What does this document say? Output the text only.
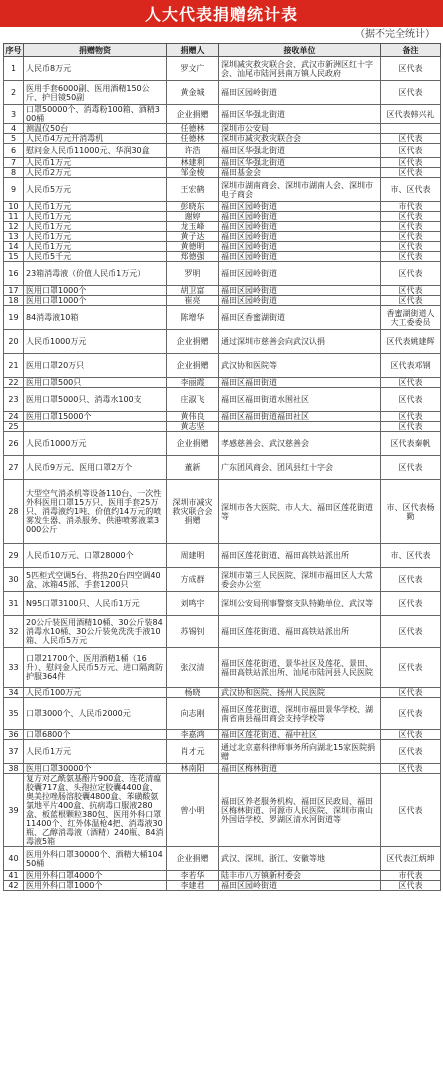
人大代表捐赠统计表
（据不完全统计）
序号	捐赠物资	捐赠人	接收单位	备注
1	人民币8万元	罗文广	深圳减灾救灾联合会、武汉市新洲区红十字会、汕尾市陆河县南万镇人民政府	区代表
2	医用手套6000副、医用酒精150公斤、护目镜50副	黄金城	福田区园岭街道	区代表
3	口罩50000个、消毒粉100箱、酒精300桶	企业捐赠	福田区华强北街道	区代表韩兴礼
4	测温仪50台	任德林	深圳市公安局	
5	人民币4万元开消毒机	任德林	深圳市减灾救灾联合会	区代表
6	慰问金人民币11000元、华润30盒	许浩	福田区华强北街道	区代表
7	人民币1万元	林建利	福田区华强北街道	区代表
8	人民币2万元	邹金棱	福田基金会	区代表
9	人民币5万元	王宏鹤	深圳市湖南商会、深圳市湖南人会、深圳市电子商会	市、区代表
10	人民币1万元	彭晓东	福田区园岭街道	市代表
11	人民币1万元	谢婷	福田区园岭街道	区代表
12	人民币1万元	龙玉峰	福田区园岭街道	区代表
13	人民币1万元	黄子达	福田区园岭街道	区代表
14	人民币1万元	黄德明	福田区园岭街道	区代表
15	人民币5千元	郑德强	福田区园岭街道	区代表
16	23箱消毒液（价值人民币1万元）	罗明	福田区园岭街道	区代表
17	医用口罩1000个	胡卫富	福田区园岭街道	区代表
18	医用口罩1000个	崔亮	福田区园岭街道	区代表
19	84消毒液10箱	陈增华	福田区香蜜湖街道	香蜜湖街道人大工委委员
20	人民币1000万元	企业捐赠	通过深圳市慈善会向武汉认捐	区代表姚建辉
21	医用口罩20万只	企业捐赠	武汉协和医院等	区代表邓钢
22	医用口罩500只	李丽霞	福田区福田街道	区代表
23	医用口罩5000只、消毒水100支	庄淑飞	福田区福田街道水围社区	区代表
24	医用口罩15000个	黄伟良	福田区福田街道福田社区	区代表
25		黄志坚		区代表
26	人民币1000万元	企业捐赠	孝感慈善会、武汉慈善会	区代表秦帆
27	人民币9万元、医用口罩2万个	董新	广东团风商会、团风县红十字会	区代表
28	大型空气消杀机等设备110台、一次性外科医用口罩15万只、医用手套25万只、消毒液约1吨、价值约14万元的喷雾发生器、消杀服务、供港喷雾液菜3000公斤	深圳市减灾救灾联合会捐赠	深圳市各大医院、市人大、福田区莲花街道等	市、区代表杨勤
29	人民币10万元、口罩28000个	周建明	福田区莲花街道、福田高铁站派出所	市、区代表
30	5匹柜式空调5台、将热20台四空调40盒、冰箱45部、手套1200只	方成群	深圳市第三人民医院、深圳市福田区人大常委会办公室	区代表
31	N95口罩3100只、人民币1万元	刘鸣宇	深圳公安局刑事警察支队特勤单位、武汉等	区代表
32	20公斤装医用酒精10桶、30公斤装84消毒水10桶、30公斤装免洗洗手液10箱、人民币5万元	苏锡钊	福田区莲花街道、福田高铁站派出所	区代表
33	口罩21700个、医用酒精1桶（16升）、慰问金人民币5万元、进口隔离防护服364件	张汉清	福田区莲花街道、景华社区及莲花、景田、福田高铁站派出所、汕尾市陆河县人民医院	区代表
34	人民币100万元	杨晓	武汉协和医院、扬州人民医院	区代表
35	口罩3000个、人民币2000元	向志刚	福田区莲花街道、深圳市福田景华学校、湖南省南县福田商会支持学校等	区代表
36	口罩6800个	李嘉鸿	福田区莲花街道、福中社区	区代表
37	人民币1万元	肖才元	通过北京嘉科律师事务所向湖北15家医院捐赠	区代表
38	医用口罩30000个	林南阳	福田区梅林街道	区代表
39	复方对乙酰氨基酚片900盒、连花清瘟胶囊717盒、头孢拉定胶囊4400盒、奥美拉唑肠溶胶囊4800盒、苯磺酸氨氯地平片400盒、抗病毒口服液280盒、板蓝根颗粒380包、医用外科口罩11400个、红外体温枪4把、消毒液30瓶、乙醇消毒液（酒精）240瓶、84消毒液5箱	曾小明	福田区养老服务机构、福田区民政局、福田区梅林街道、河源市人民医院、深圳市南山外国语学校、罗湖区清水河街道等	区代表
40	医用外科口罩30000个、酒精大桶10450桶	企业捐赠	武汉、深圳、浙江、安徽等地	区代表江炳坤
41	医用外科口罩4000个	李若华	陆丰市八万镇新村委会	市代表
42	医用外科口罩1000个	李建君	福田区园岭街道	区代表
